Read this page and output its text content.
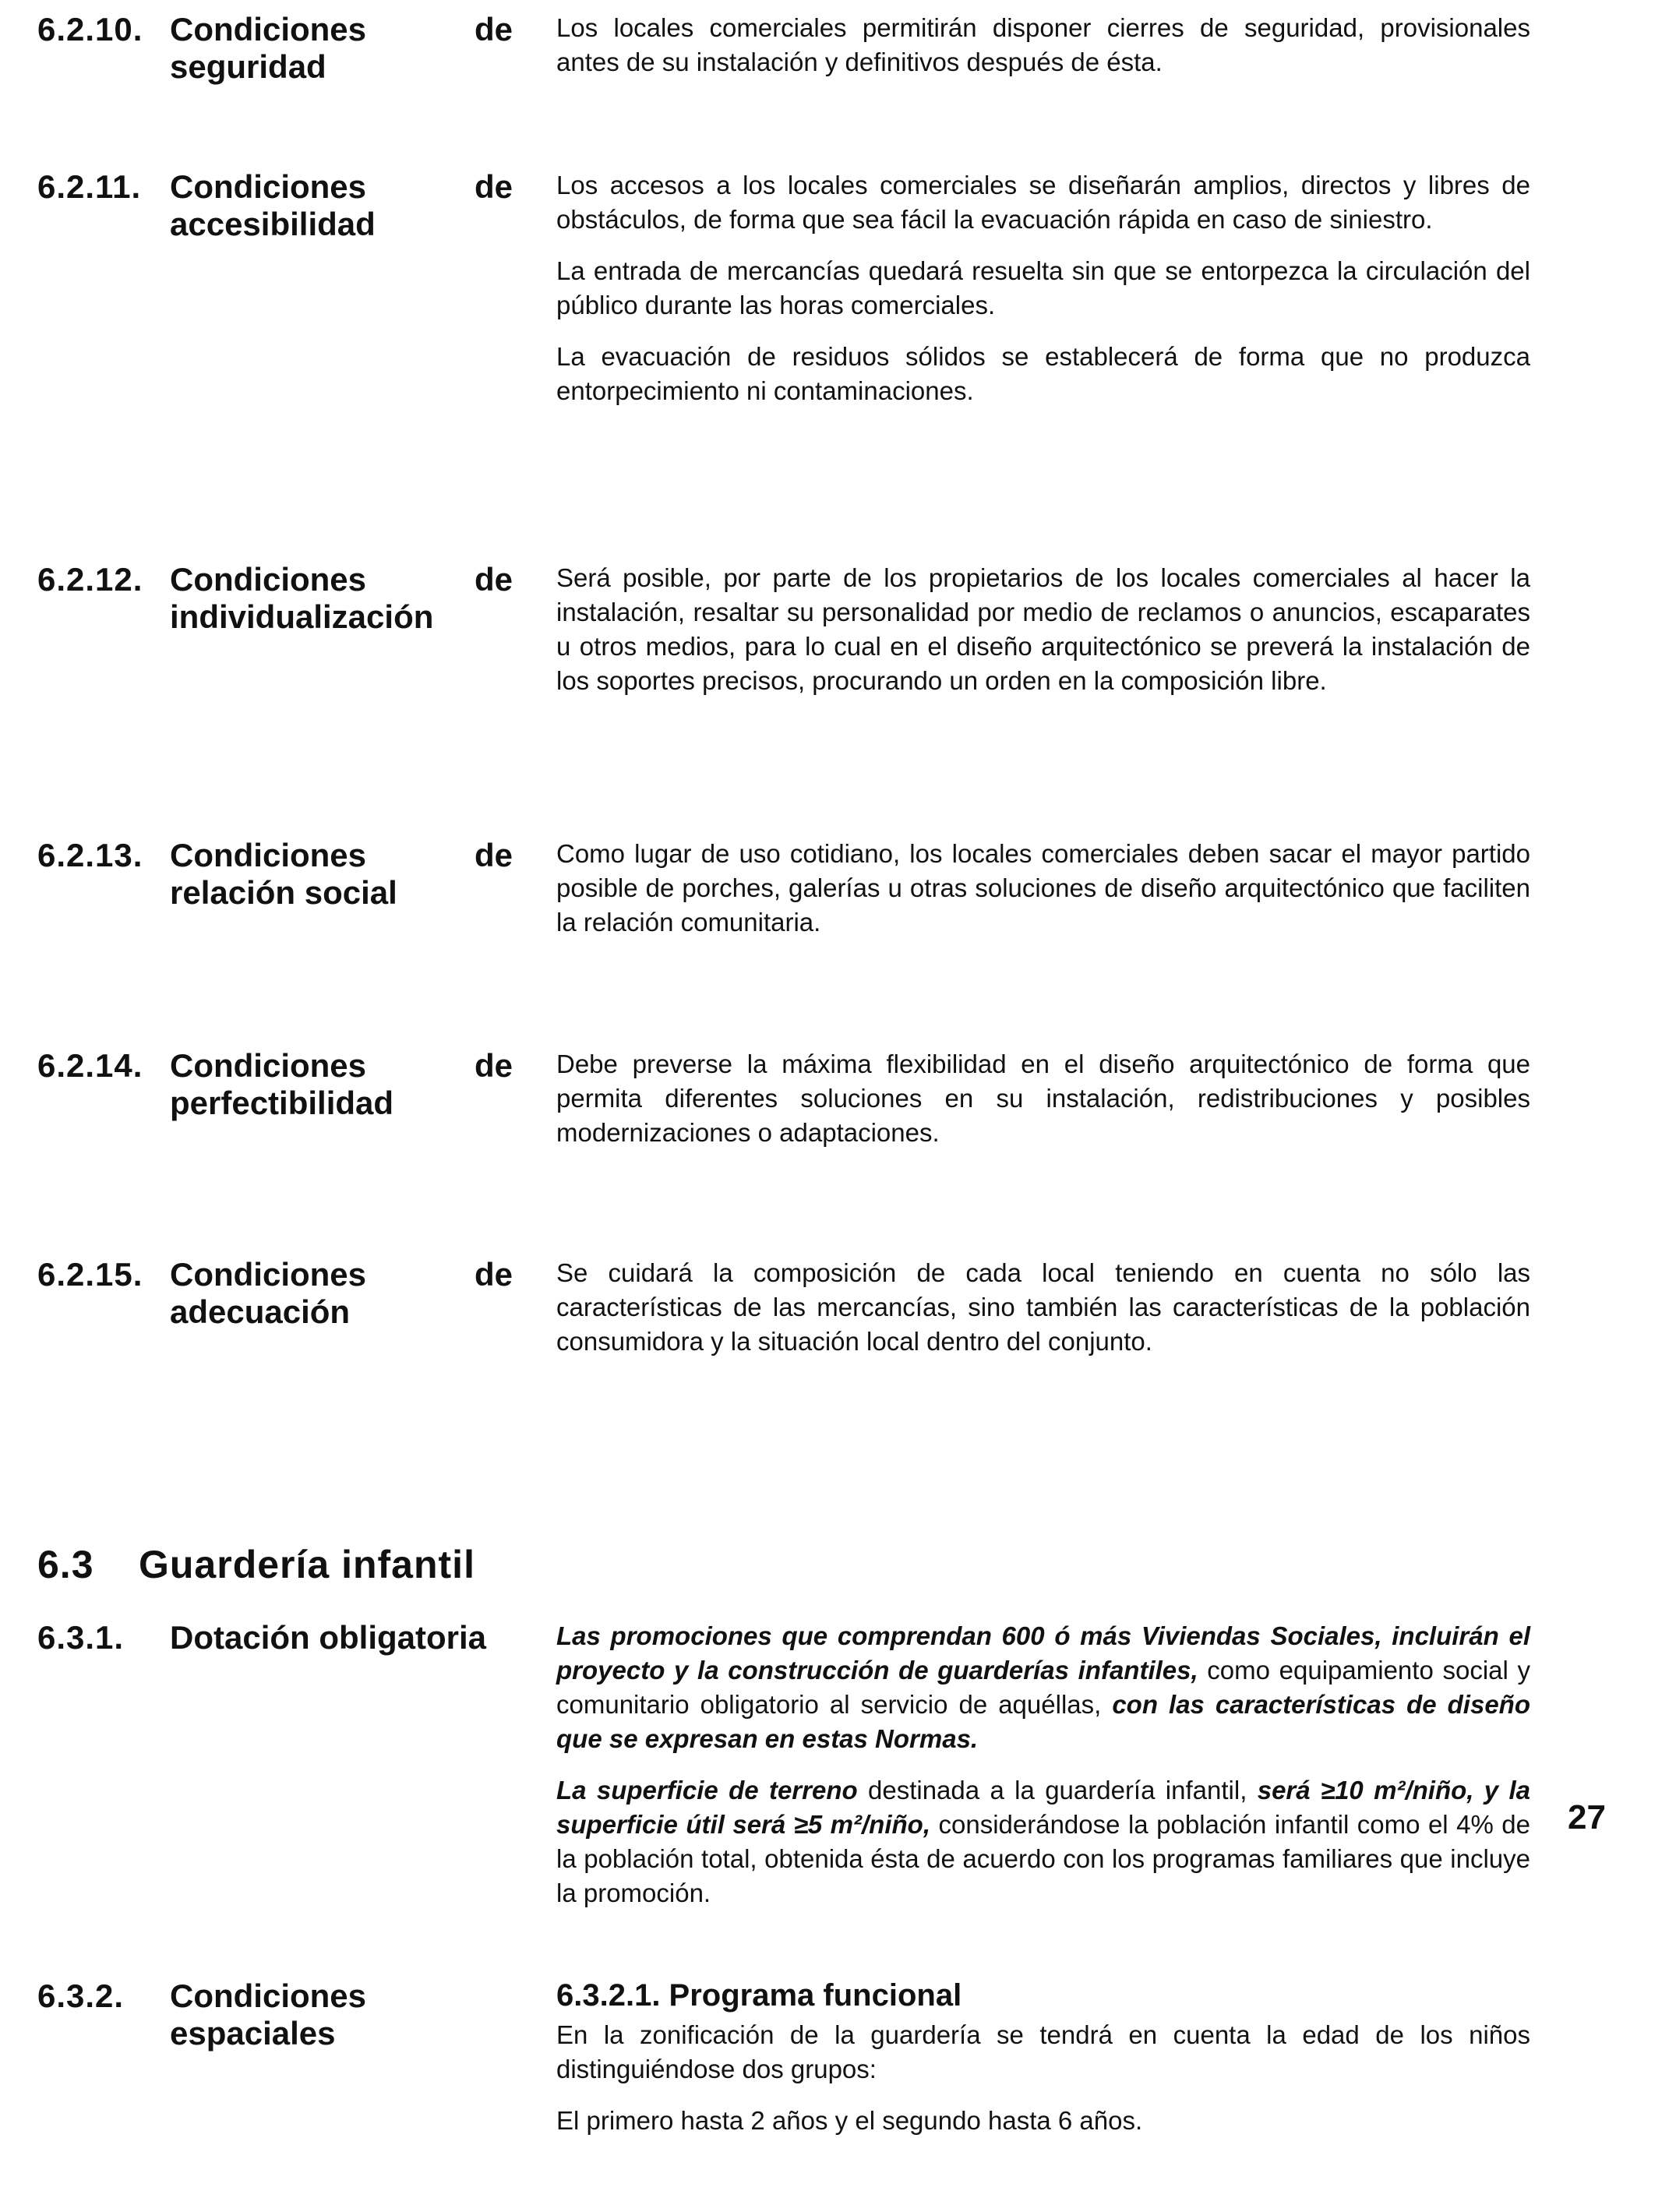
6.2.10. Condiciones de seguridad

Los locales comerciales permitirán disponer cierres de seguridad, provisionales antes de su instalación y definitivos después de ésta.

6.2.11. Condiciones de accesibilidad

Los accesos a los locales comerciales se diseñarán amplios, directos y libres de obstáculos, de forma que sea fácil la evacuación rápida en caso de siniestro.

La entrada de mercancías quedará resuelta sin que se entorpezca la circulación del público durante las horas comerciales.

La evacuación de residuos sólidos se establecerá de forma que no produzca entorpecimiento ni contaminaciones.

6.2.12. Condiciones de individualización

Será posible, por parte de los propietarios de los locales comerciales al hacer la instalación, resaltar su personalidad por medio de reclamos o anuncios, escaparates u otros medios, para lo cual en el diseño arquitectónico se preverá la instalación de los soportes precisos, procurando un orden en la composición libre.

6.2.13. Condiciones de relación social

Como lugar de uso cotidiano, los locales comerciales deben sacar el mayor partido posible de porches, galerías u otras soluciones de diseño arquitectónico que faciliten la relación comunitaria.

6.2.14. Condiciones de perfectibilidad

Debe preverse la máxima flexibilidad en el diseño arquitectónico de forma que permita diferentes soluciones en su instalación, redistribuciones y posibles modernizaciones o adaptaciones.

6.2.15. Condiciones de adecuación

Se cuidará la composición de cada local teniendo en cuenta no sólo las características de las mercancías, sino también las características de la población consumidora y la situación local dentro del conjunto.

6.3 Guardería infantil
6.3.1. Dotación obligatoria	Las promociones que comprendan 600 ó más Viviendas Sociales, incluirán el proyecto y la construcción de guarderías infantiles, como equipamiento social y comunitario obligatorio al servicio de aquéllas, con las características de diseño que se expresan en estas Normas.

La superficie de terreno destinada a la guardería infantil, será ≥10 m²/niño, y la superficie útil será ≥5 m²/niño, considerándose la población infantil como el 4% de la población total, obtenida ésta de acuerdo con los programas familiares que incluye la promoción.

6.3.2. Condiciones espaciales

6.3.2.1. Programa funcional

En la zonificación de la guardería se tendrá en cuenta la edad de los niños distinguiéndose dos grupos:

El primero hasta 2 años y el segundo hasta 6 años.

27
